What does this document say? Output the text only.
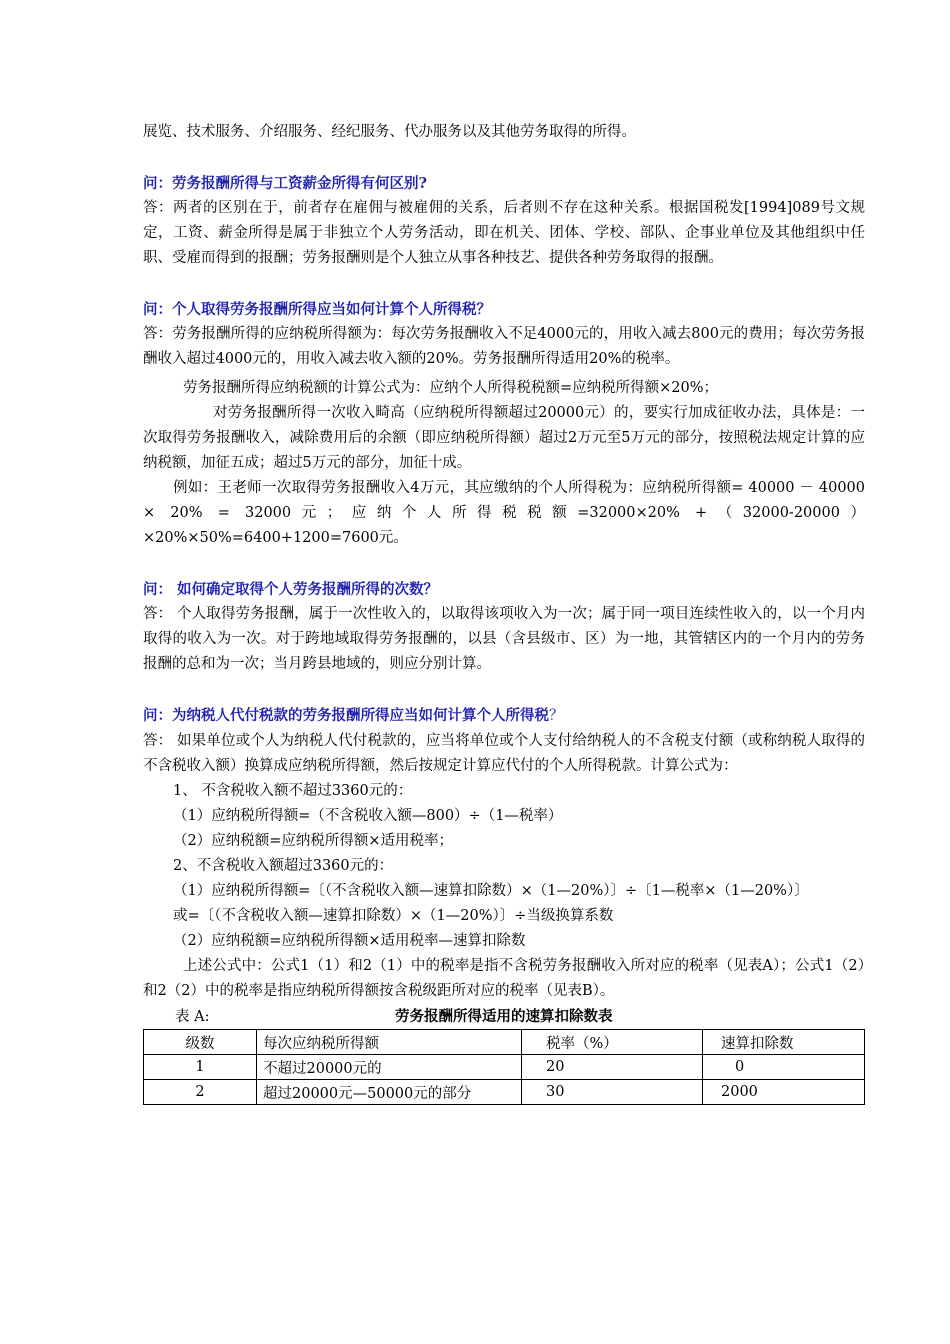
展览、技术服务、介绍服务、经纪服务、代办服务以及其他劳务取得的所得。

问：劳务报酬所得与工资薪金所得有何区别?

答：两者的区别在于，前者存在雇佣与被雇佣的关系，后者则不存在这种关系。根据国税发[1994]089号文规定，工资、薪金所得是属于非独立个人劳务活动，即在机关、团体、学校、部队、企事业单位及其他组织中任职、受雇而得到的报酬；劳务报酬则是个人独立从事各种技艺、提供各种劳务取得的报酬。

问：个人取得劳务报酬所得应当如何计算个人所得税？

答：劳务报酬所得的应纳税所得额为：每次劳务报酬收入不足4000元的，用收入减去800元的费用；每次劳务报酬收入超过4000元的，用收入减去收入额的20%。劳务报酬所得适用20%的税率。

劳务报酬所得应纳税额的计算公式为：应纳个人所得税税额=应纳税所得额×20%；

对劳务报酬所得一次收入畸高（应纳税所得额超过20000元）的，要实行加成征收办法，具体是：一次取得劳务报酬收入，减除费用后的余额（即应纳税所得额）超过2万元至5万元的部分，按照税法规定计算的应纳税额，加征五成；超过5万元的部分，加征十成。

例如：王老师一次取得劳务报酬收入4万元，其应缴纳的个人所得税为：应纳税所得额= 40000 － 40000 × 20% = 32000元；应纳个人所得税税额=32000×20% +（32000-20000）×20%×50%=6400+1200=7600元。

问： 如何确定取得个人劳务报酬所得的次数？

答： 个人取得劳务报酬，属于一次性收入的，以取得该项收入为一次；属于同一项目连续性收入的，以一个月内取得的收入为一次。对于跨地域取得劳务报酬的，以县（含县级市、区）为一地，其管辖区内的一个月内的劳务报酬的总和为一次；当月跨县地域的，则应分别计算。

问：为纳税人代付税款的劳务报酬所得应当如何计算个人所得税？

答： 如果单位或个人为纳税人代付税款的，应当将单位或个人支付给纳税人的不含税支付额（或称纳税人取得的不含税收入额）换算成应纳税所得额，然后按规定计算应代付的个人所得税款。计算公式为：

1、 不含税收入额不超过3360元的：

（1）应纳税所得额=（不含税收入额—800）÷（1—税率）

（2）应纳税额=应纳税所得额×适用税率；

2、不含税收入额超过3360元的：

（1）应纳税所得额=〔（不含税收入额—速算扣除数）×（1—20%）〕÷〔1—税率×（1—20%）〕

或=〔（不含税收入额—速算扣除数）×（1—20%）〕÷当级换算系数

（2）应纳税额=应纳税所得额×适用税率—速算扣除数

上述公式中：公式1（1）和2（1）中的税率是指不含税劳务报酬收入所对应的税率（见表A）；公式1（2）和2（2）中的税率是指应纳税所得额按含税级距所对应的税率（见表B）。

表 A:	劳务报酬所得适用的速算扣除数表
级数	每次应纳税所得额	税率（%）	速算扣除数
1	不超过20000元的	20	0
2	超过20000元—50000元的部分	30	2000
